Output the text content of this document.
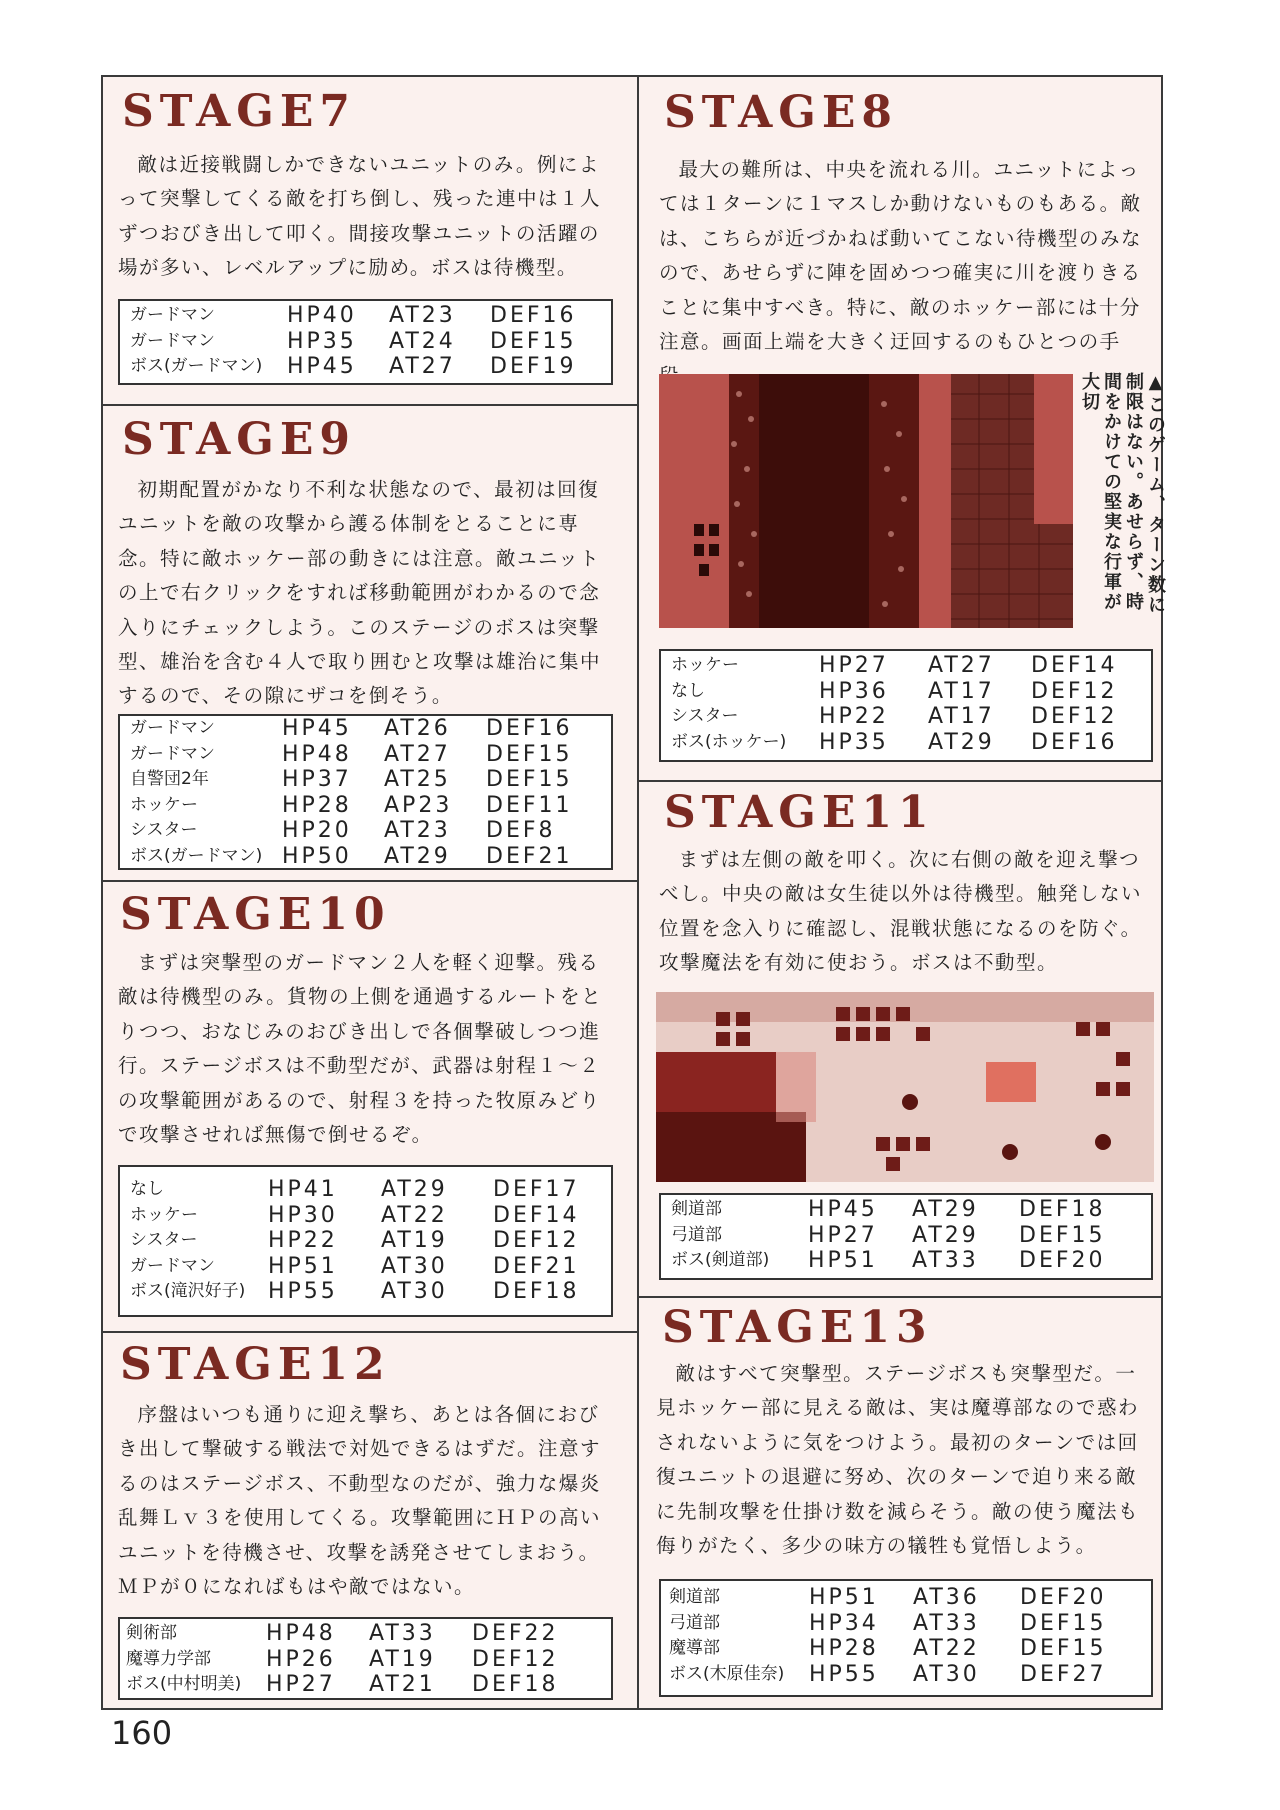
STAGE7

敵は近接戦闘しかできないユニットのみ。例によって突撃してくる敵を打ち倒し、残った連中は１人ずつおびき出して叩く。間接攻撃ユニットの活躍の場が多い、レベルアップに励め。ボスは待機型。

ガードマン	HP40	AT23	DEF16
ガードマン	HP35	AT24	DEF15
ボス(ガードマン)	HP45	AT27	DEF19
STAGE9

初期配置がかなり不利な状態なので、最初は回復ユニットを敵の攻撃から護る体制をとることに専念。特に敵ホッケー部の動きには注意。敵ユニットの上で右クリックをすれば移動範囲がわかるので念入りにチェックしよう。このステージのボスは突撃型、雄治を含む４人で取り囲むと攻撃は雄治に集中するので、その隙にザコを倒そう。

ガードマン	HP45	AT26	DEF16
ガードマン	HP48	AT27	DEF15
自警団2年	HP37	AT25	DEF15
ホッケー	HP28	AP23	DEF11
シスター	HP20	AT23	DEF8
ボス(ガードマン)	HP50	AT29	DEF21
STAGE10

まずは突撃型のガードマン２人を軽く迎撃。残る敵は待機型のみ。貨物の上側を通過するルートをとりつつ、おなじみのおびき出しで各個撃破しつつ進行。ステージボスは不動型だが、武器は射程１〜２の攻撃範囲があるので、射程３を持った牧原みどりで攻撃させれば無傷で倒せるぞ。

なし	HP41	AT29	DEF17
ホッケー	HP30	AT22	DEF14
シスター	HP22	AT19	DEF12
ガードマン	HP51	AT30	DEF21
ボス(滝沢好子)	HP55	AT30	DEF18
STAGE12

序盤はいつも通りに迎え撃ち、あとは各個におびき出して撃破する戦法で対処できるはずだ。注意するのはステージボス、不動型なのだが、強力な爆炎乱舞Ｌｖ３を使用してくる。攻撃範囲にＨＰの高いユニットを待機させ、攻撃を誘発させてしまおう。ＭＰが０になればもはや敵ではない。

剣術部	HP48	AT33	DEF22
魔導力学部	HP26	AT19	DEF12
ボス(中村明美)	HP27	AT21	DEF18
STAGE8

最大の難所は、中央を流れる川。ユニットによっては１ターンに１マスしか動けないものもある。敵は、こちらが近づかねば動いてこない待機型のみなので、あせらずに陣を固めつつ確実に川を渡りきることに集中すべき。特に、敵のホッケー部には十分注意。画面上端を大きく迂回するのもひとつの手

▲このゲーム、ターン数に制限はない。あせらず、時間をかけての堅実な行軍が大切
ホッケー	HP27	AT27	DEF14
なし	HP36	AT17	DEF12
シスター	HP22	AT17	DEF12
ボス(ホッケー)	HP35	AT29	DEF16
STAGE11

まずは左側の敵を叩く。次に右側の敵を迎え撃つべし。中央の敵は女生徒以外は待機型。触発しない位置を念入りに確認し、混戦状態になるのを防ぐ。攻撃魔法を有効に使おう。ボスは不動型。

剣道部	HP45	AT29	DEF18
弓道部	HP27	AT29	DEF15
ボス(剣道部)	HP51	AT33	DEF20
STAGE13

敵はすべて突撃型。ステージボスも突撃型だ。一見ホッケー部に見える敵は、実は魔導部なので惑わされないように気をつけよう。最初のターンでは回復ユニットの退避に努め、次のターンで迫り来る敵に先制攻撃を仕掛け数を減らそう。敵の使う魔法も侮りがたく、多少の味方の犠牲も覚悟しよう。

剣道部	HP51	AT36	DEF20
弓道部	HP34	AT33	DEF15
魔導部	HP28	AT22	DEF15
ボス(木原佳奈)	HP55	AT30	DEF27
160
